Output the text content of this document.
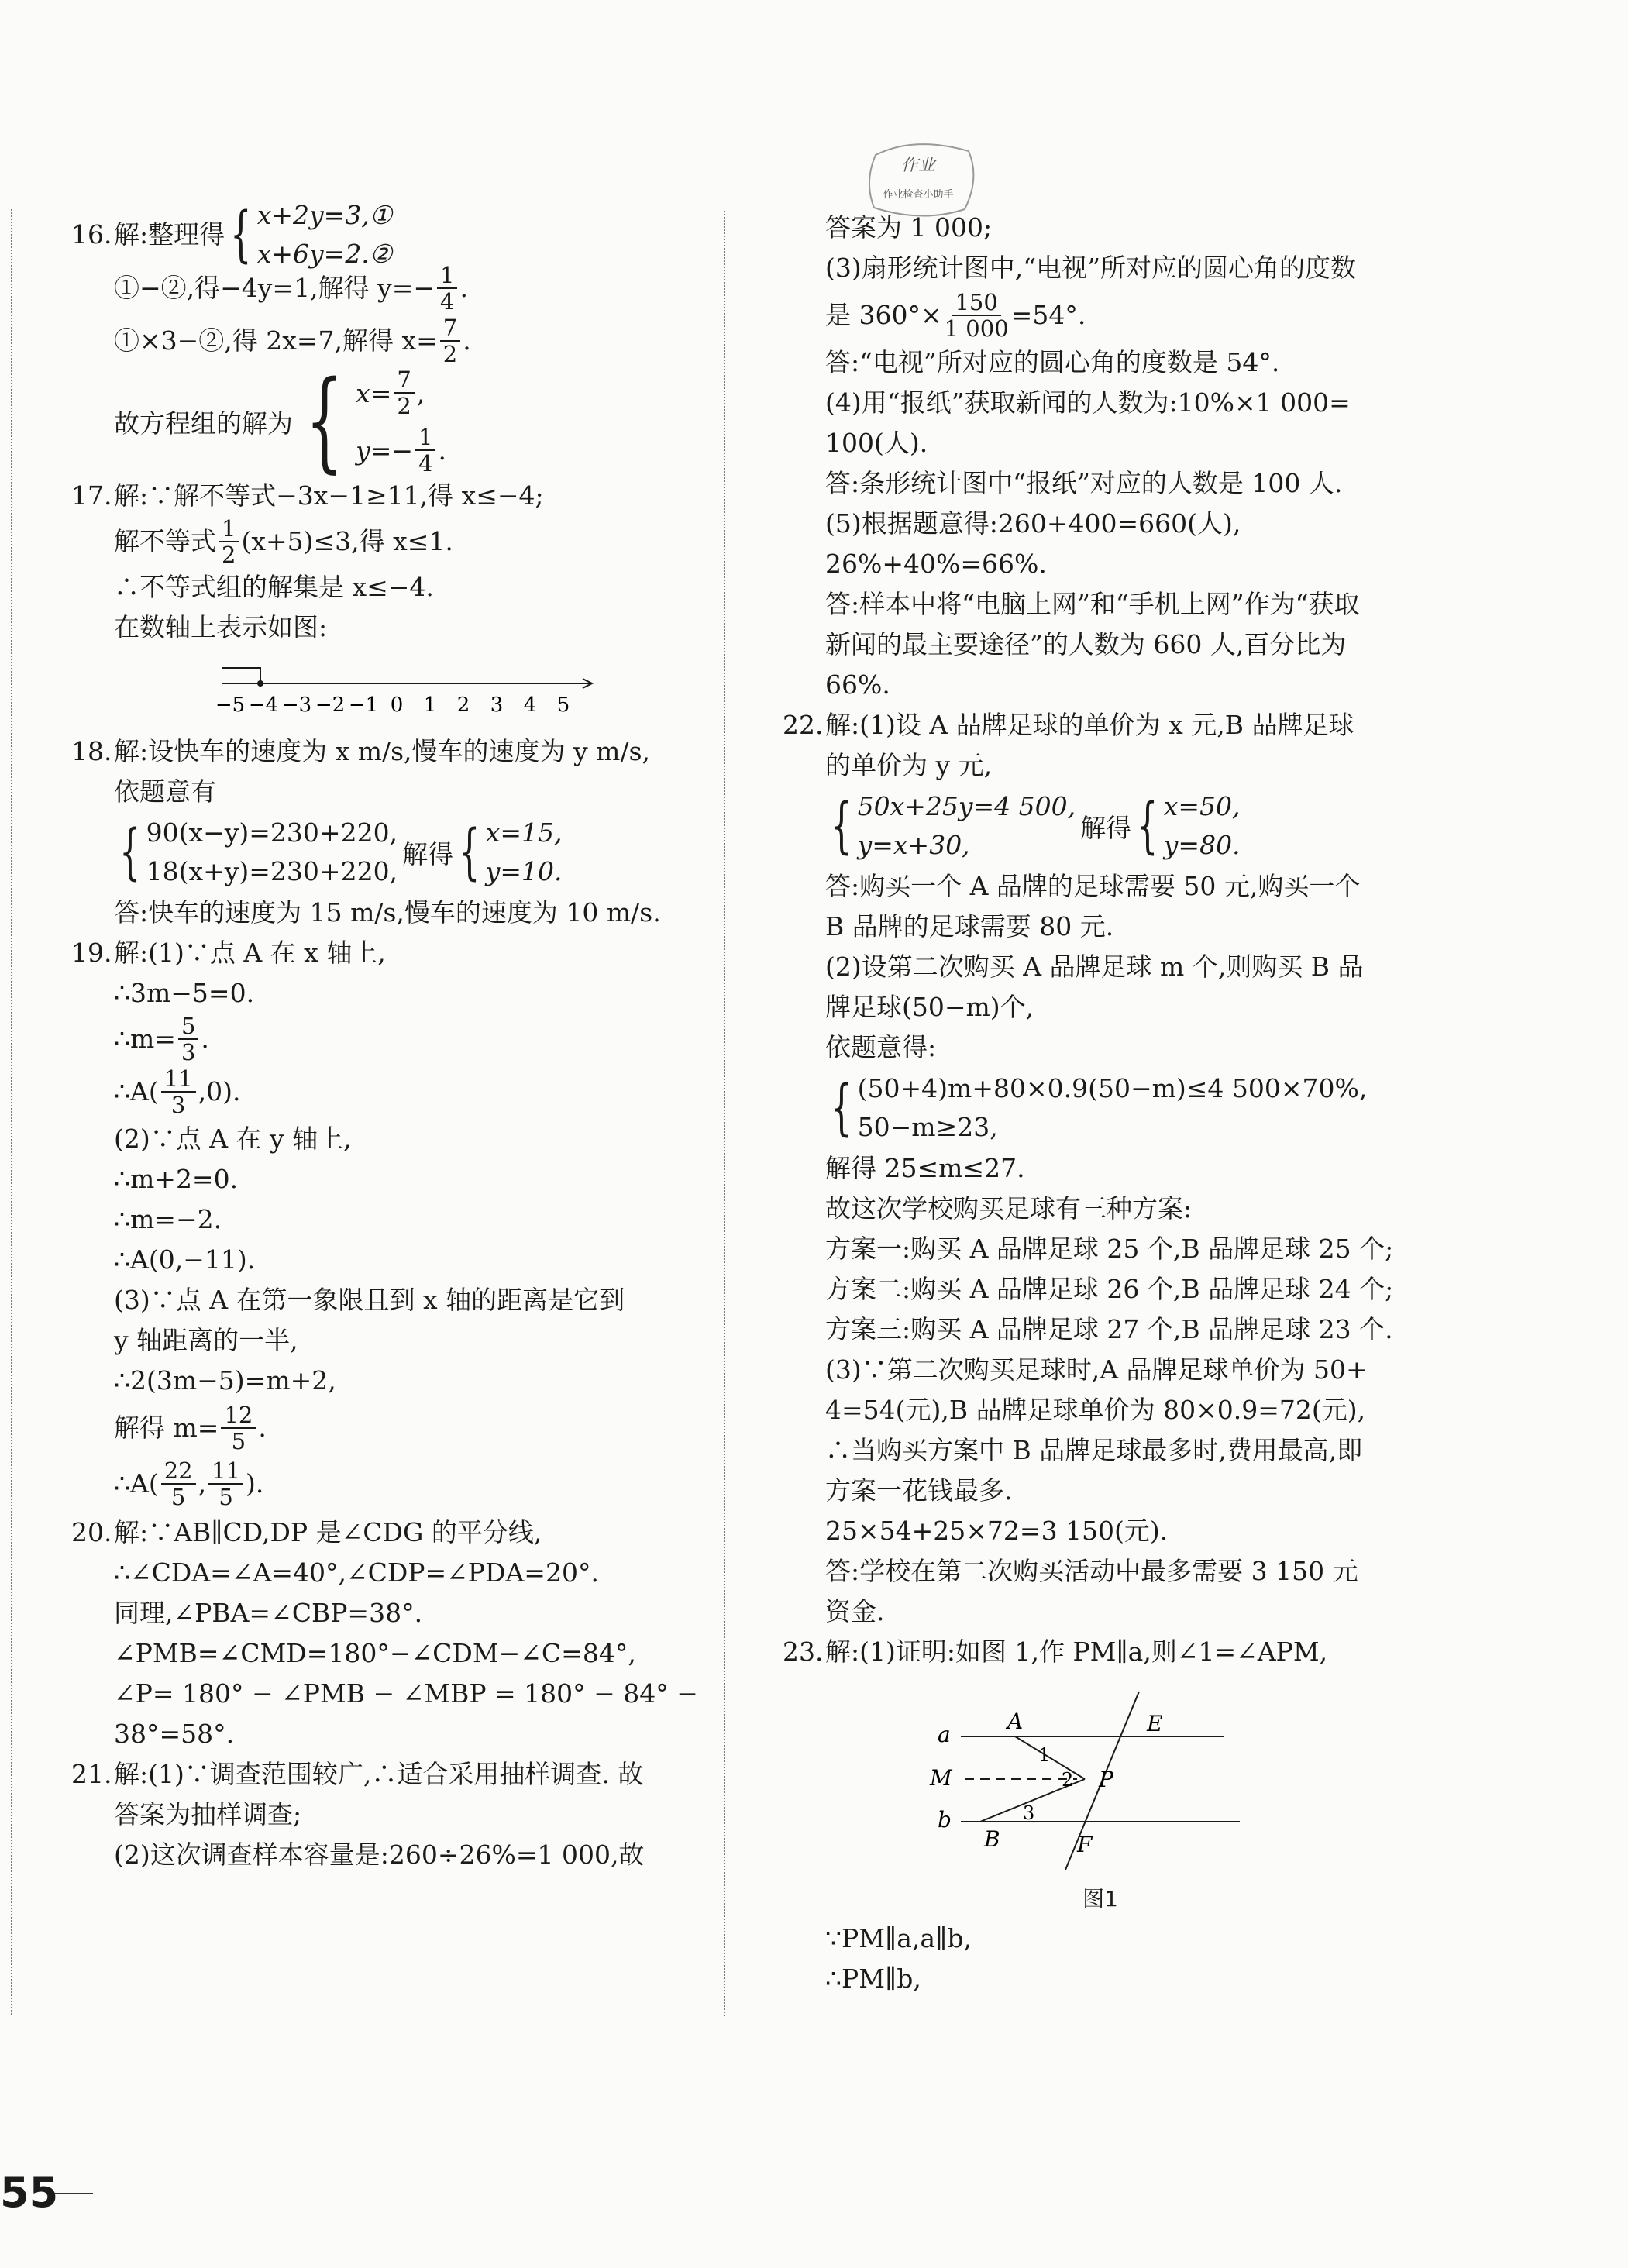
作业
作业检查小助手
16. 解:整理得 { x+2y=3,①
x+6y=2.②
①−②,得−4y=1,解得 $y=- \frac{1}{4}$ .
①×3−②,得 2x=7,解得 $x= \frac{7}{2}$ .
故方程组的解为 { $x= \frac{7}{2}$ ,
$y=- \frac{1}{4}$ .
17.解:∵解不等式−3x−1≥11,得 x≤−4;
解不等式 $\frac{1}{2} (x+5)\le 3$,得 x≤1.
∴不等式组的解集是 x≤−4.
在数轴上表示如图:
−5 −4 −3 −2 −1 0 1 2 3 4 5
18.解:设快车的速度为 x m/s,慢车的速度为 y m/s,
依题意有
{ 90(x−y)=230+220,
18(x+y)=230+220,
解得 { x=15,
y=10.
答:快车的速度为 15 m/s,慢车的速度为 10 m/s.
19.解:(1)∵点 A 在 x 轴上,
∴3m−5=0.
∴m= $\frac{5}{3}$ .
∴A( $\frac{11}{3} ,0$).
(2)∵点 A 在 y 轴上,
∴m+2=0.
∴m=−2.
∴A(0,−11).
(3)∵点 A 在第一象限且到 x 轴的距离是它到
y 轴距离的一半,
∴2(3m−5)=m+2,
解得 $m= \frac{12}{5}$ .
∴A( $\frac{22}{5}$ , $\frac{11}{5}$ ).
20.解:∵AB∥CD,DP 是∠CDG 的平分线,
∴∠CDA=∠A=40°,∠CDP=∠PDA=20°.
同理,∠PBA=∠CBP=38°.
∠PMB=∠CMD=180°−∠CDM−∠C=84°,
∠P= 180° − ∠PMB − ∠MBP = 180° − 84° −
38°=58°.
21.解:(1)∵调查范围较广,∴适合采用抽样调查. 故
答案为抽样调查;
(2)这次调查样本容量是:260÷26%=1 000,故
答案为 1 000;
(3)扇形统计图中,“电视”所对应的圆心角的度数
是 $360^\circ\times \frac{150}{1 000} =54^\circ$.
答:“电视”所对应的圆心角的度数是 54°.
(4)用“报纸”获取新闻的人数为:10%×1 000=
100(人).
答:条形统计图中“报纸”对应的人数是 100 人.
(5)根据题意得:260+400=660(人),
26%+40%=66%.
答:样本中将“电脑上网”和“手机上网”作为“获取
新闻的最主要途径”的人数为 660 人,百分比为
66%.
22.解:(1)设 A 品牌足球的单价为 x 元,B 品牌足球
的单价为 y 元,
{ 50x+25y=4 500,
y=x+30,
解得 { x=50,
y=80.
答:购买一个 A 品牌的足球需要 50 元,购买一个
B 品牌的足球需要 80 元.
(2)设第二次购买 A 品牌足球 m 个,则购买 B 品
牌足球(50−m)个,
依题意得:
{ (50+4)m+80×0.9(50−m)≤4 500×70%,
50−m≥23,
解得 25≤m≤27.
故这次学校购买足球有三种方案:
方案一:购买 A 品牌足球 25 个,B 品牌足球 25 个;
方案二:购买 A 品牌足球 26 个,B 品牌足球 24 个;
方案三:购买 A 品牌足球 27 个,B 品牌足球 23 个.
(3)∵第二次购买足球时,A 品牌足球单价为 50+
4=54(元),B 品牌足球单价为 80×0.9=72(元),
∴当购买方案中 B 品牌足球最多时,费用最高,即
方案一花钱最多.
25×54+25×72=3 150(元).
答:学校在第二次购买活动中最多需要 3 150 元
资金.
23.解:(1)证明:如图 1,作 PM∥a,则∠1=∠APM,
a
A	E
1
M	2 P
b	3
B	F
图1
∵PM∥a,a∥b,
∴PM∥b,
55
